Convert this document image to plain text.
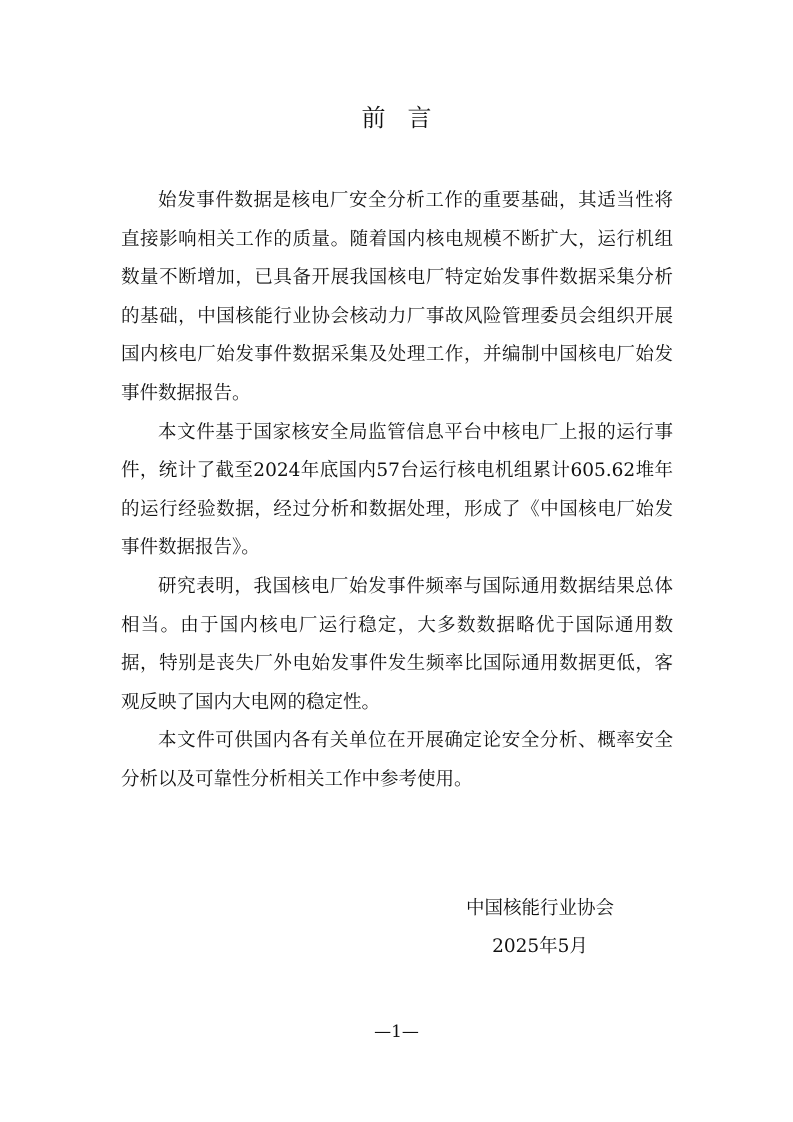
前言

始发事件数据是核电厂安全分析工作的重要基础，其适当性将直接影响相关工作的质量。随着国内核电规模不断扩大，运行机组数量不断增加，已具备开展我国核电厂特定始发事件数据采集分析的基础，中国核能行业协会核动力厂事故风险管理委员会组织开展国内核电厂始发事件数据采集及处理工作，并编制中国核电厂始发事件数据报告。

本文件基于国家核安全局监管信息平台中核电厂上报的运行事件，统计了截至2024年底国内57台运行核电机组累计605.62堆年的运行经验数据，经过分析和数据处理，形成了《中国核电厂始发事件数据报告》。

研究表明，我国核电厂始发事件频率与国际通用数据结果总体相当。由于国内核电厂运行稳定，大多数数据略优于国际通用数据，特别是丧失厂外电始发事件发生频率比国际通用数据更低，客观反映了国内大电网的稳定性。

本文件可供国内各有关单位在开展确定论安全分析、概率安全分析以及可靠性分析相关工作中参考使用。

中国核能行业协会
2025年5月
—1—
